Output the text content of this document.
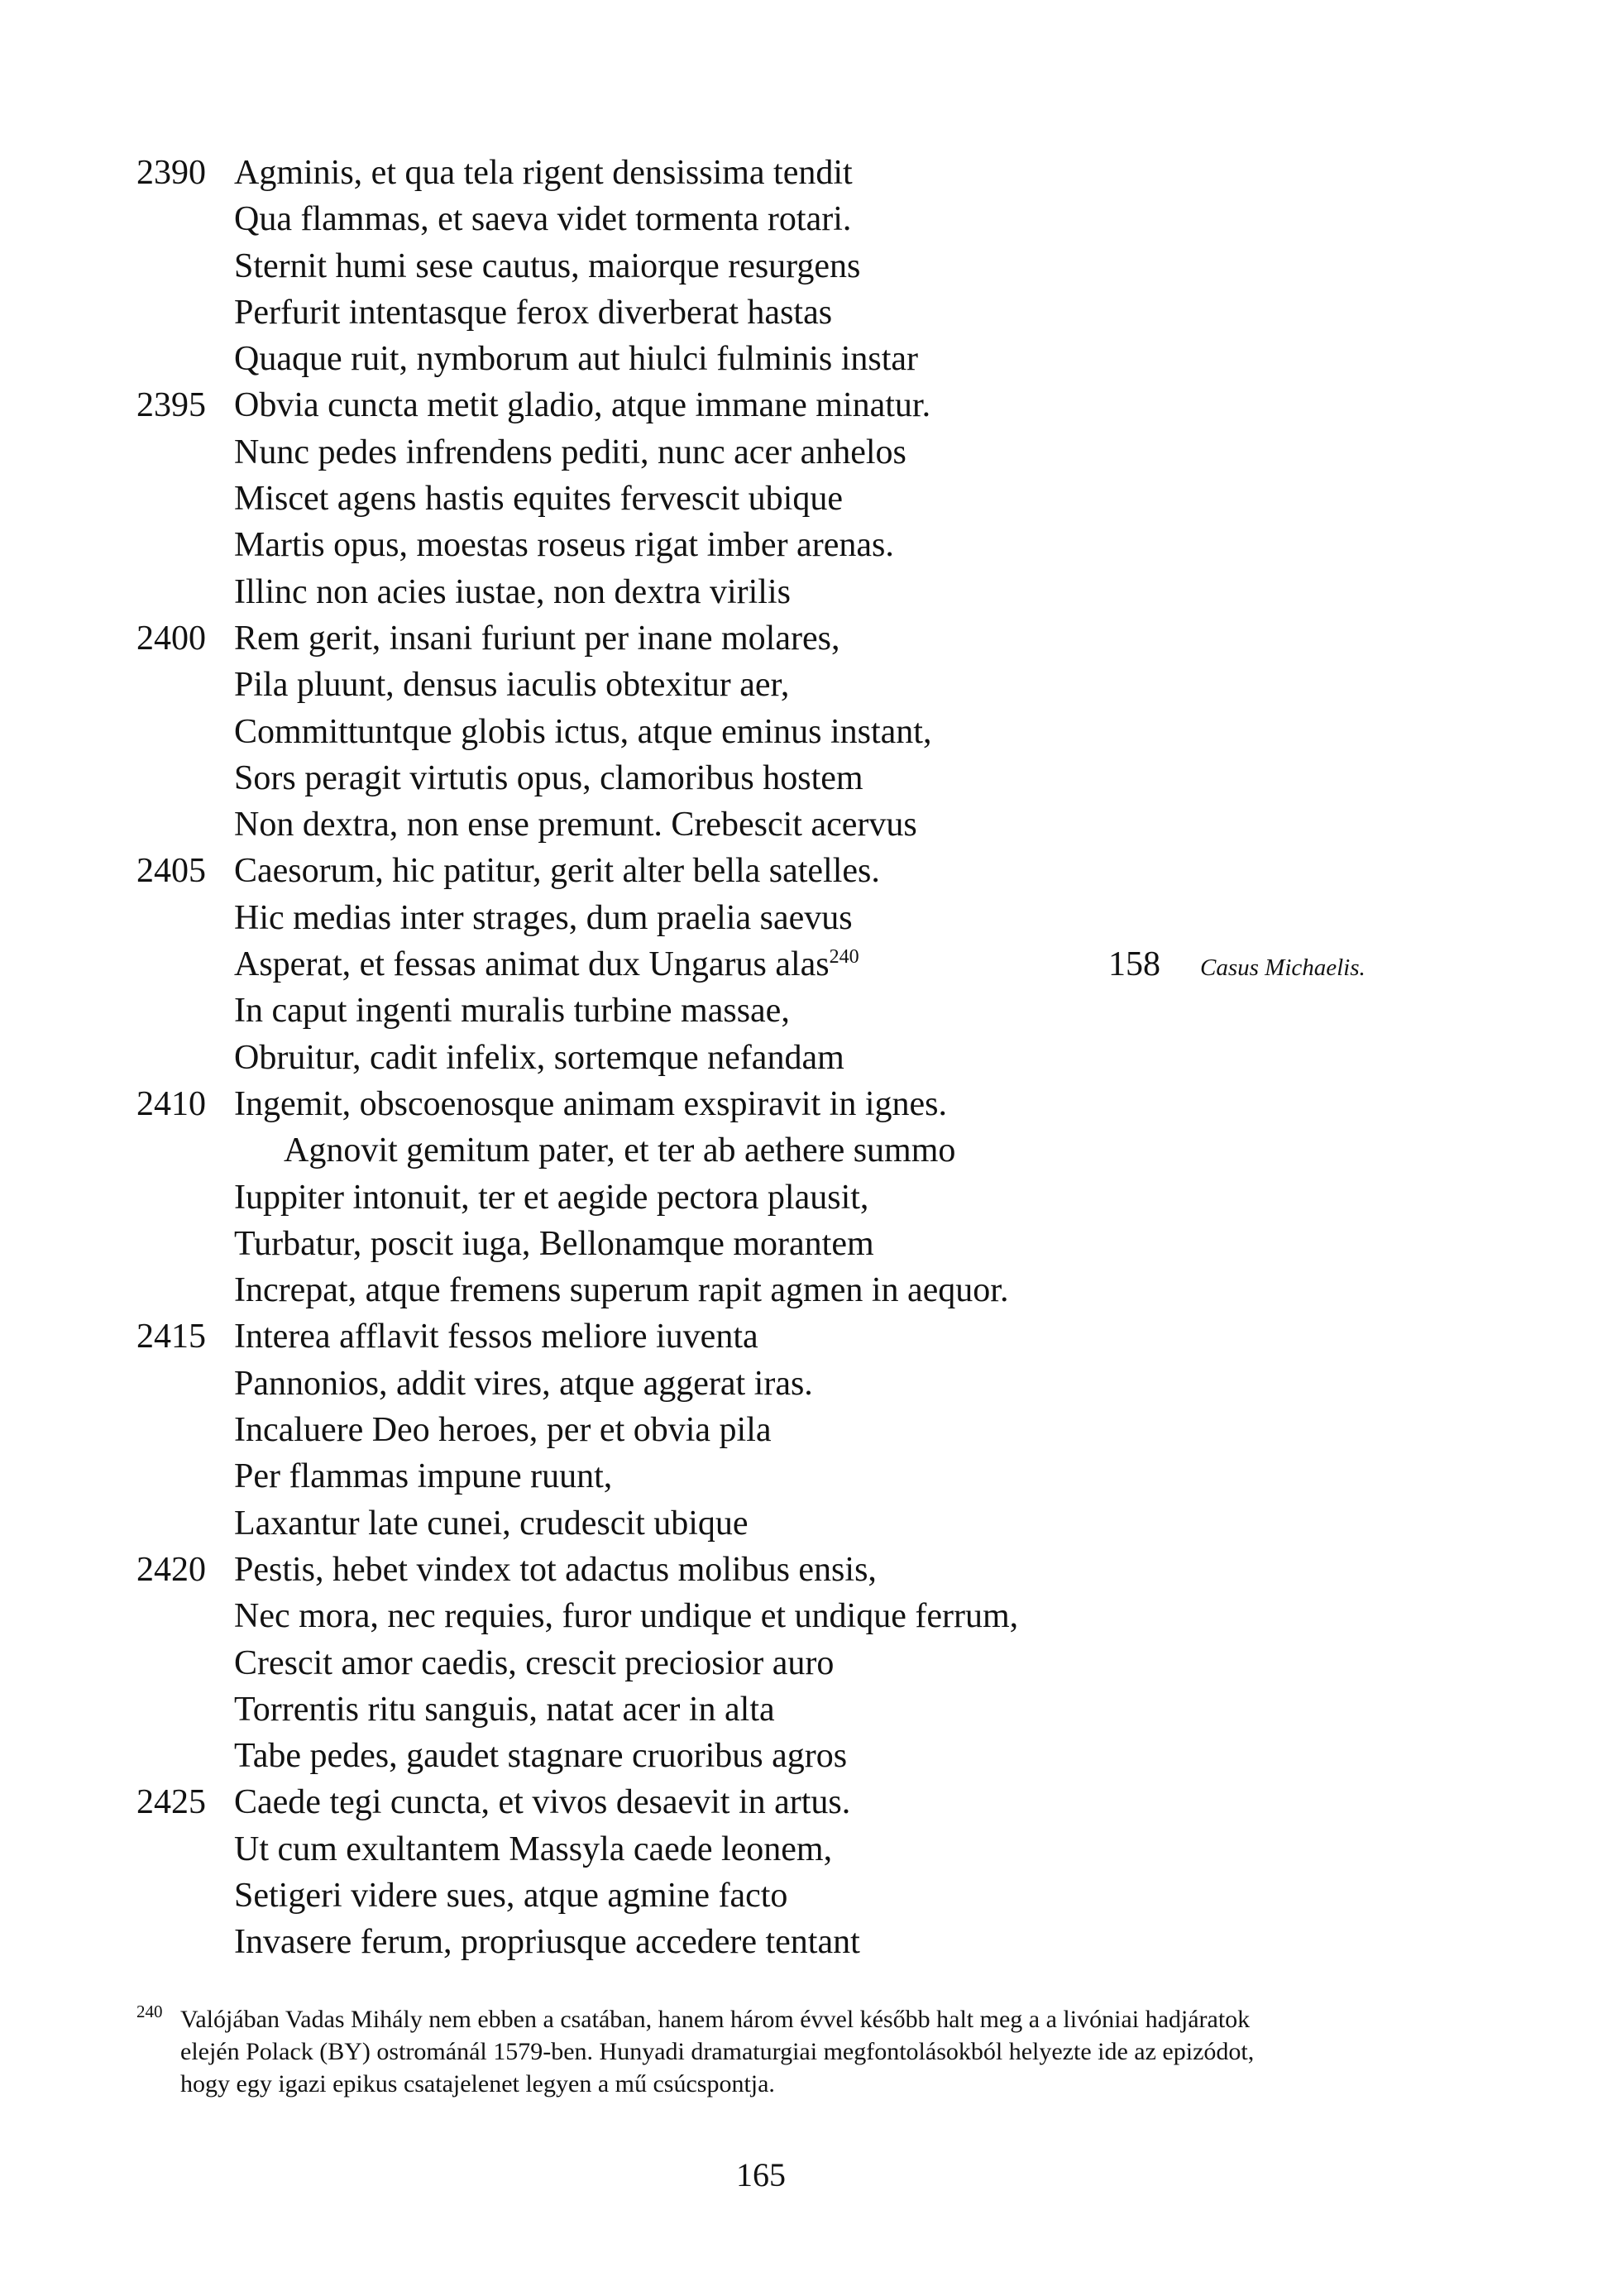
2390 Agminis, et qua tela rigent densissima tendit
Qua flammas, et saeva videt tormenta rotari.
Sternit humi sese cautus, maiorque resurgens
Perfurit intentasque ferox diverberat hastas
Quaque ruit, nymborum aut hiulci fulminis instar
2395 Obvia cuncta metit gladio, atque immane minatur.
Nunc pedes infrendens pediti, nunc acer anhelos
Miscet agens hastis equites fervescit ubique
Martis opus, moestas roseus rigat imber arenas.
Illinc non acies iustae, non dextra virilis
2400 Rem gerit, insani furiunt per inane molares,
Pila pluunt, densus iaculis obtexitur aer,
Committuntque globis ictus, atque eminus instant,
Sors peragit virtutis opus, clamoribus hostem
Non dextra, non ense premunt. Crebescit acervus
2405 Caesorum, hic patitur, gerit alter bella satelles.
Hic medias inter strages, dum praelia saevus
Asperat, et fessas animat dux Ungarus alas$^{240}$	158 Casus Michaelis.
In caput ingenti muralis turbine massae,
Obruitur, cadit infelix, sortemque nefandam
2410 Ingemit, obscoenosque animam exspiravit in ignes.
Agnovit gemitum pater, et ter ab aethere summo
Iuppiter intonuit, ter et aegide pectora plausit,
Turbatur, poscit iuga, Bellonamque morantem
Increpat, atque fremens superum rapit agmen in aequor.
2415 Interea afflavit fessos meliore iuventa
Pannonios, addit vires, atque aggerat iras.
Incaluere Deo heroes, per et obvia pila
Per flammas impune ruunt,
Laxantur late cunei, crudescit ubique
2420 Pestis, hebet vindex tot adactus molibus ensis,
Nec mora, nec requies, furor undique et undique ferrum,
Crescit amor caedis, crescit preciosior auro
Torrentis ritu sanguis, natat acer in alta
Tabe pedes, gaudet stagnare cruoribus agros
2425 Caede tegi cuncta, et vivos desaevit in artus.
Ut cum exultantem Massyla caede leonem,
Setigeri videre sues, atque agmine facto
Invasere ferum, propriusque accedere tentant
240 Valójában Vadas Mihály nem ebben a csatában, hanem három évvel később halt meg a a livóniai hadjáratok
elején Polack (BY) ostrománál 1579-ben. Hunyadi dramaturgiai megfontolásokból helyezte ide az epizódot,
hogy egy igazi epikus csatajelenet legyen a mű csúcspontja.
165
